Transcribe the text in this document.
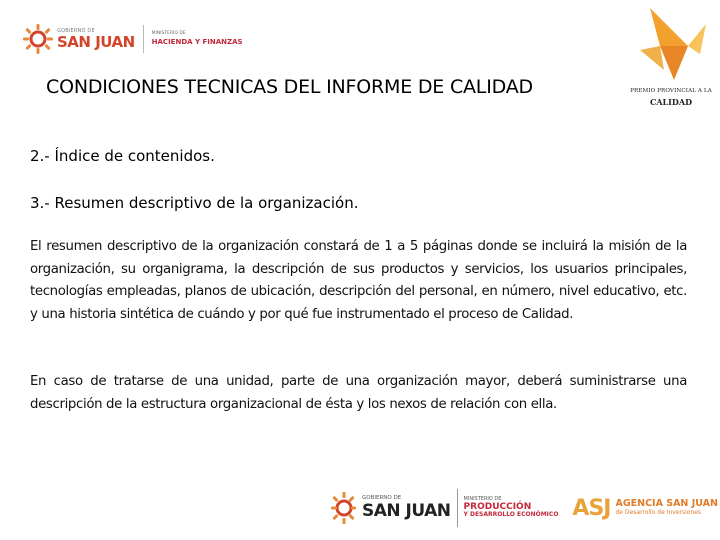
GOBIERNO DE
SAN JUAN	MINISTERIO DE
HACIENDA Y FINANZAS
PREMIO PROVINCIAL A LA
CALIDAD
CONDICIONES TECNICAS DEL INFORME DE CALIDAD
2.- Índice de contenidos.
3.- Resumen descriptivo de la organización.
El resumen descriptivo de la organización constará de 1 a 5 páginas donde se incluirá la misión de la organización, su organigrama, la descripción de sus productos y servicios, los usuarios principales, tecnologías empleadas, planos de ubicación, descripción del personal, en número, nivel educativo, etc. y una historia sintética de cuándo y por qué fue instrumentado el proceso de Calidad.
En caso de tratarse de una unidad, parte de una organización mayor, deberá suministrarse una descripción de la estructura organizacional de ésta y los nexos de relación con ella.
GOBIERNO DE
SAN JUAN
MINISTERIO DE
PRODUCCIÓN
Y DESARROLLO ECONÓMICO ASJ AGENCIA SAN JUAN
de Desarrollo de Inversiones
